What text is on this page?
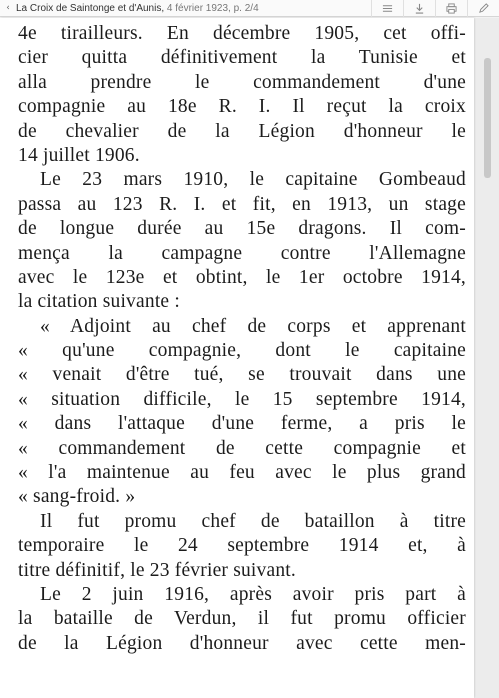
‹ La Croix de Saintonge et d'Aunis, 4 février 1923, p. 2/4
4e tirailleurs. En décembre 1905, cet offi-
cier quitta définitivement la Tunisie et
alla prendre le commandement d'une
compagnie au 18e R. I. Il reçut la croix
de chevalier de la Légion d'honneur le
14 juillet 1906.
Le 23 mars 1910, le capitaine Gombeaud
passa au 123 R. I. et fit, en 1913, un stage
de longue durée au 15e dragons. Il com-
mença la campagne contre l'Allemagne
avec le 123e et obtint, le 1er octobre 1914,
la citation suivante :
« Adjoint au chef de corps et apprenant
« qu'une compagnie, dont le capitaine
« venait d'être tué, se trouvait dans une
« situation difficile, le 15 septembre 1914,
« dans l'attaque d'une ferme, a pris le
« commandement de cette compagnie et
« l'a maintenue au feu avec le plus grand
« sang-froid. »
Il fut promu chef de bataillon à titre
temporaire le 24 septembre 1914 et, à
titre définitif, le 23 février suivant.
Le 2 juin 1916, après avoir pris part à
la bataille de Verdun, il fut promu officier
de la Légion d'honneur avec cette men-
